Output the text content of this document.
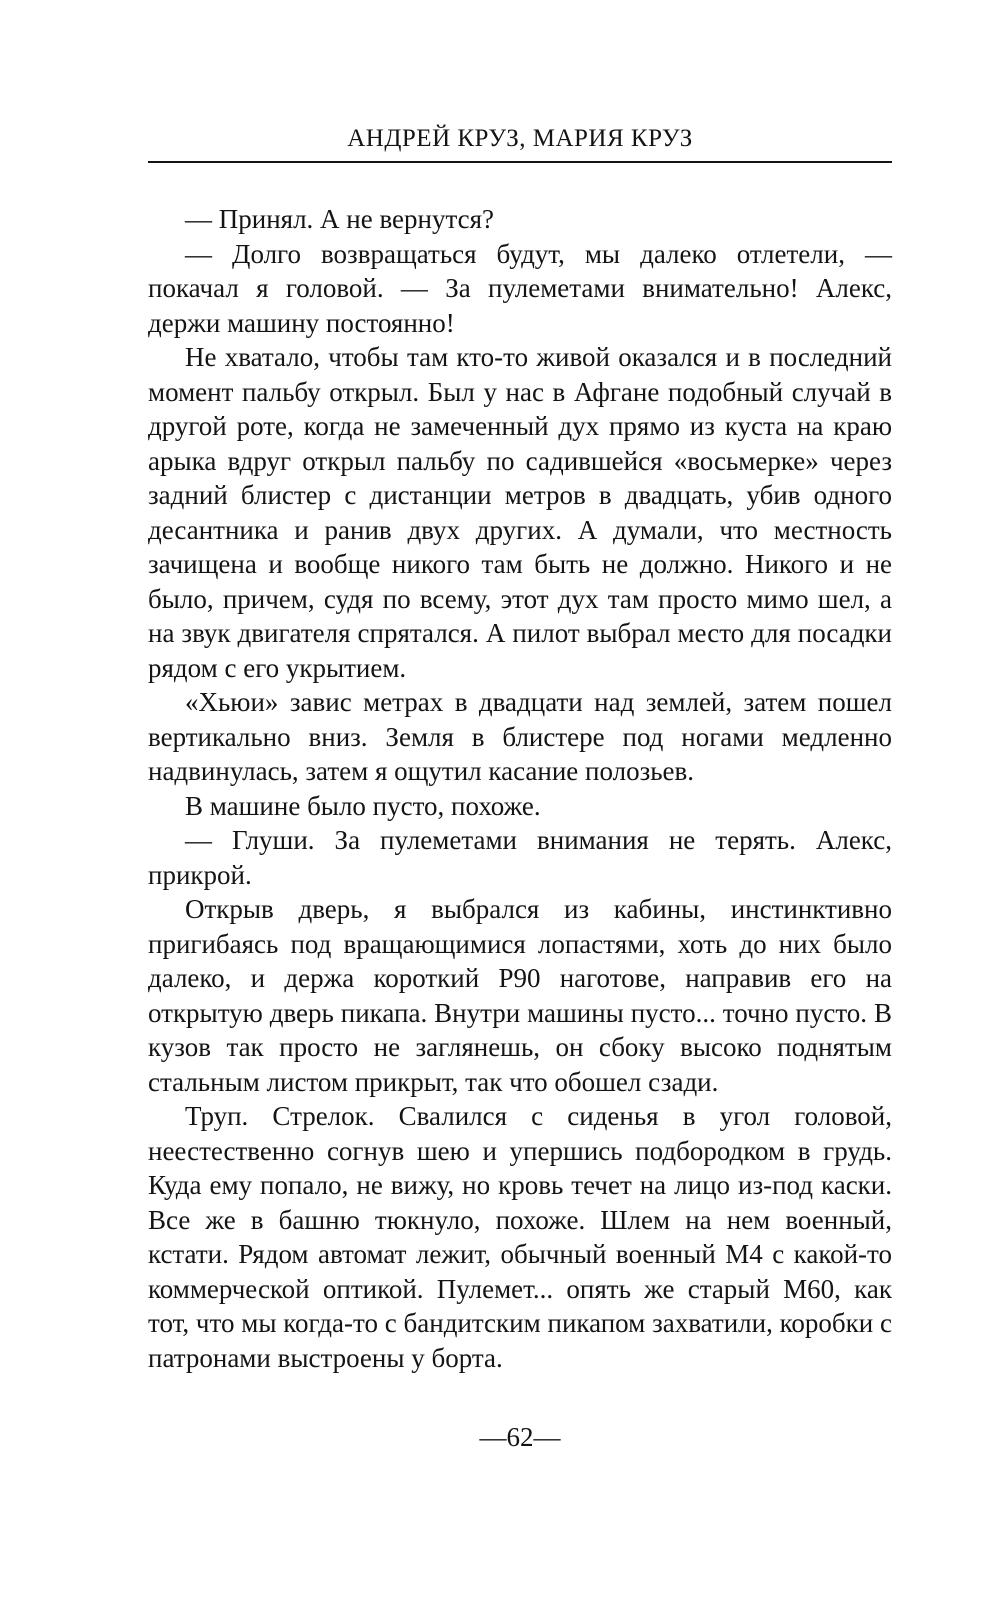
АНДРЕЙ КРУЗ, МАРИЯ КРУЗ

— Принял. А не вернутся?

— Долго возвращаться будут, мы далеко отлетели, — покачал я головой. — За пулеметами внимательно! Алекс, держи машину постоянно!

Не хватало, чтобы там кто-то живой оказался и в последний момент пальбу открыл. Был у нас в Афгане подобный случай в другой роте, когда не замеченный дух прямо из куста на краю арыка вдруг открыл пальбу по садившейся «восьмерке» через задний блистер с дистанции метров в двадцать, убив одного десантника и ранив двух других. А думали, что местность зачищена и вообще никого там быть не должно. Никого и не было, причем, судя по всему, этот дух там просто мимо шел, а на звук двигателя спрятался. А пилот выбрал место для посадки рядом с его укрытием.

«Хьюи» завис метрах в двадцати над землей, затем пошел вертикально вниз. Земля в блистере под ногами медленно надвинулась, затем я ощутил касание полозьев.

В машине было пусто, похоже.

— Глуши. За пулеметами внимания не терять. Алекс, прикрой.

Открыв дверь, я выбрался из кабины, инстинктивно пригибаясь под вращающимися лопастями, хоть до них было далеко, и держа короткий Р90 наготове, направив его на открытую дверь пикапа. Внутри машины пусто... точно пусто. В кузов так просто не заглянешь, он сбоку высоко поднятым стальным листом прикрыт, так что обошел сзади.

Труп. Стрелок. Свалился с сиденья в угол головой, неестественно согнув шею и упершись подбородком в грудь. Куда ему попало, не вижу, но кровь течет на лицо из-под каски. Все же в башню тюкнуло, похоже. Шлем на нем военный, кстати. Рядом автомат лежит, обычный военный М4 с какой-то коммерческой оптикой. Пулемет... опять же старый М60, как тот, что мы когда-то с бандитским пикапом захватили, коробки с патронами выстроены у борта.

—62—
